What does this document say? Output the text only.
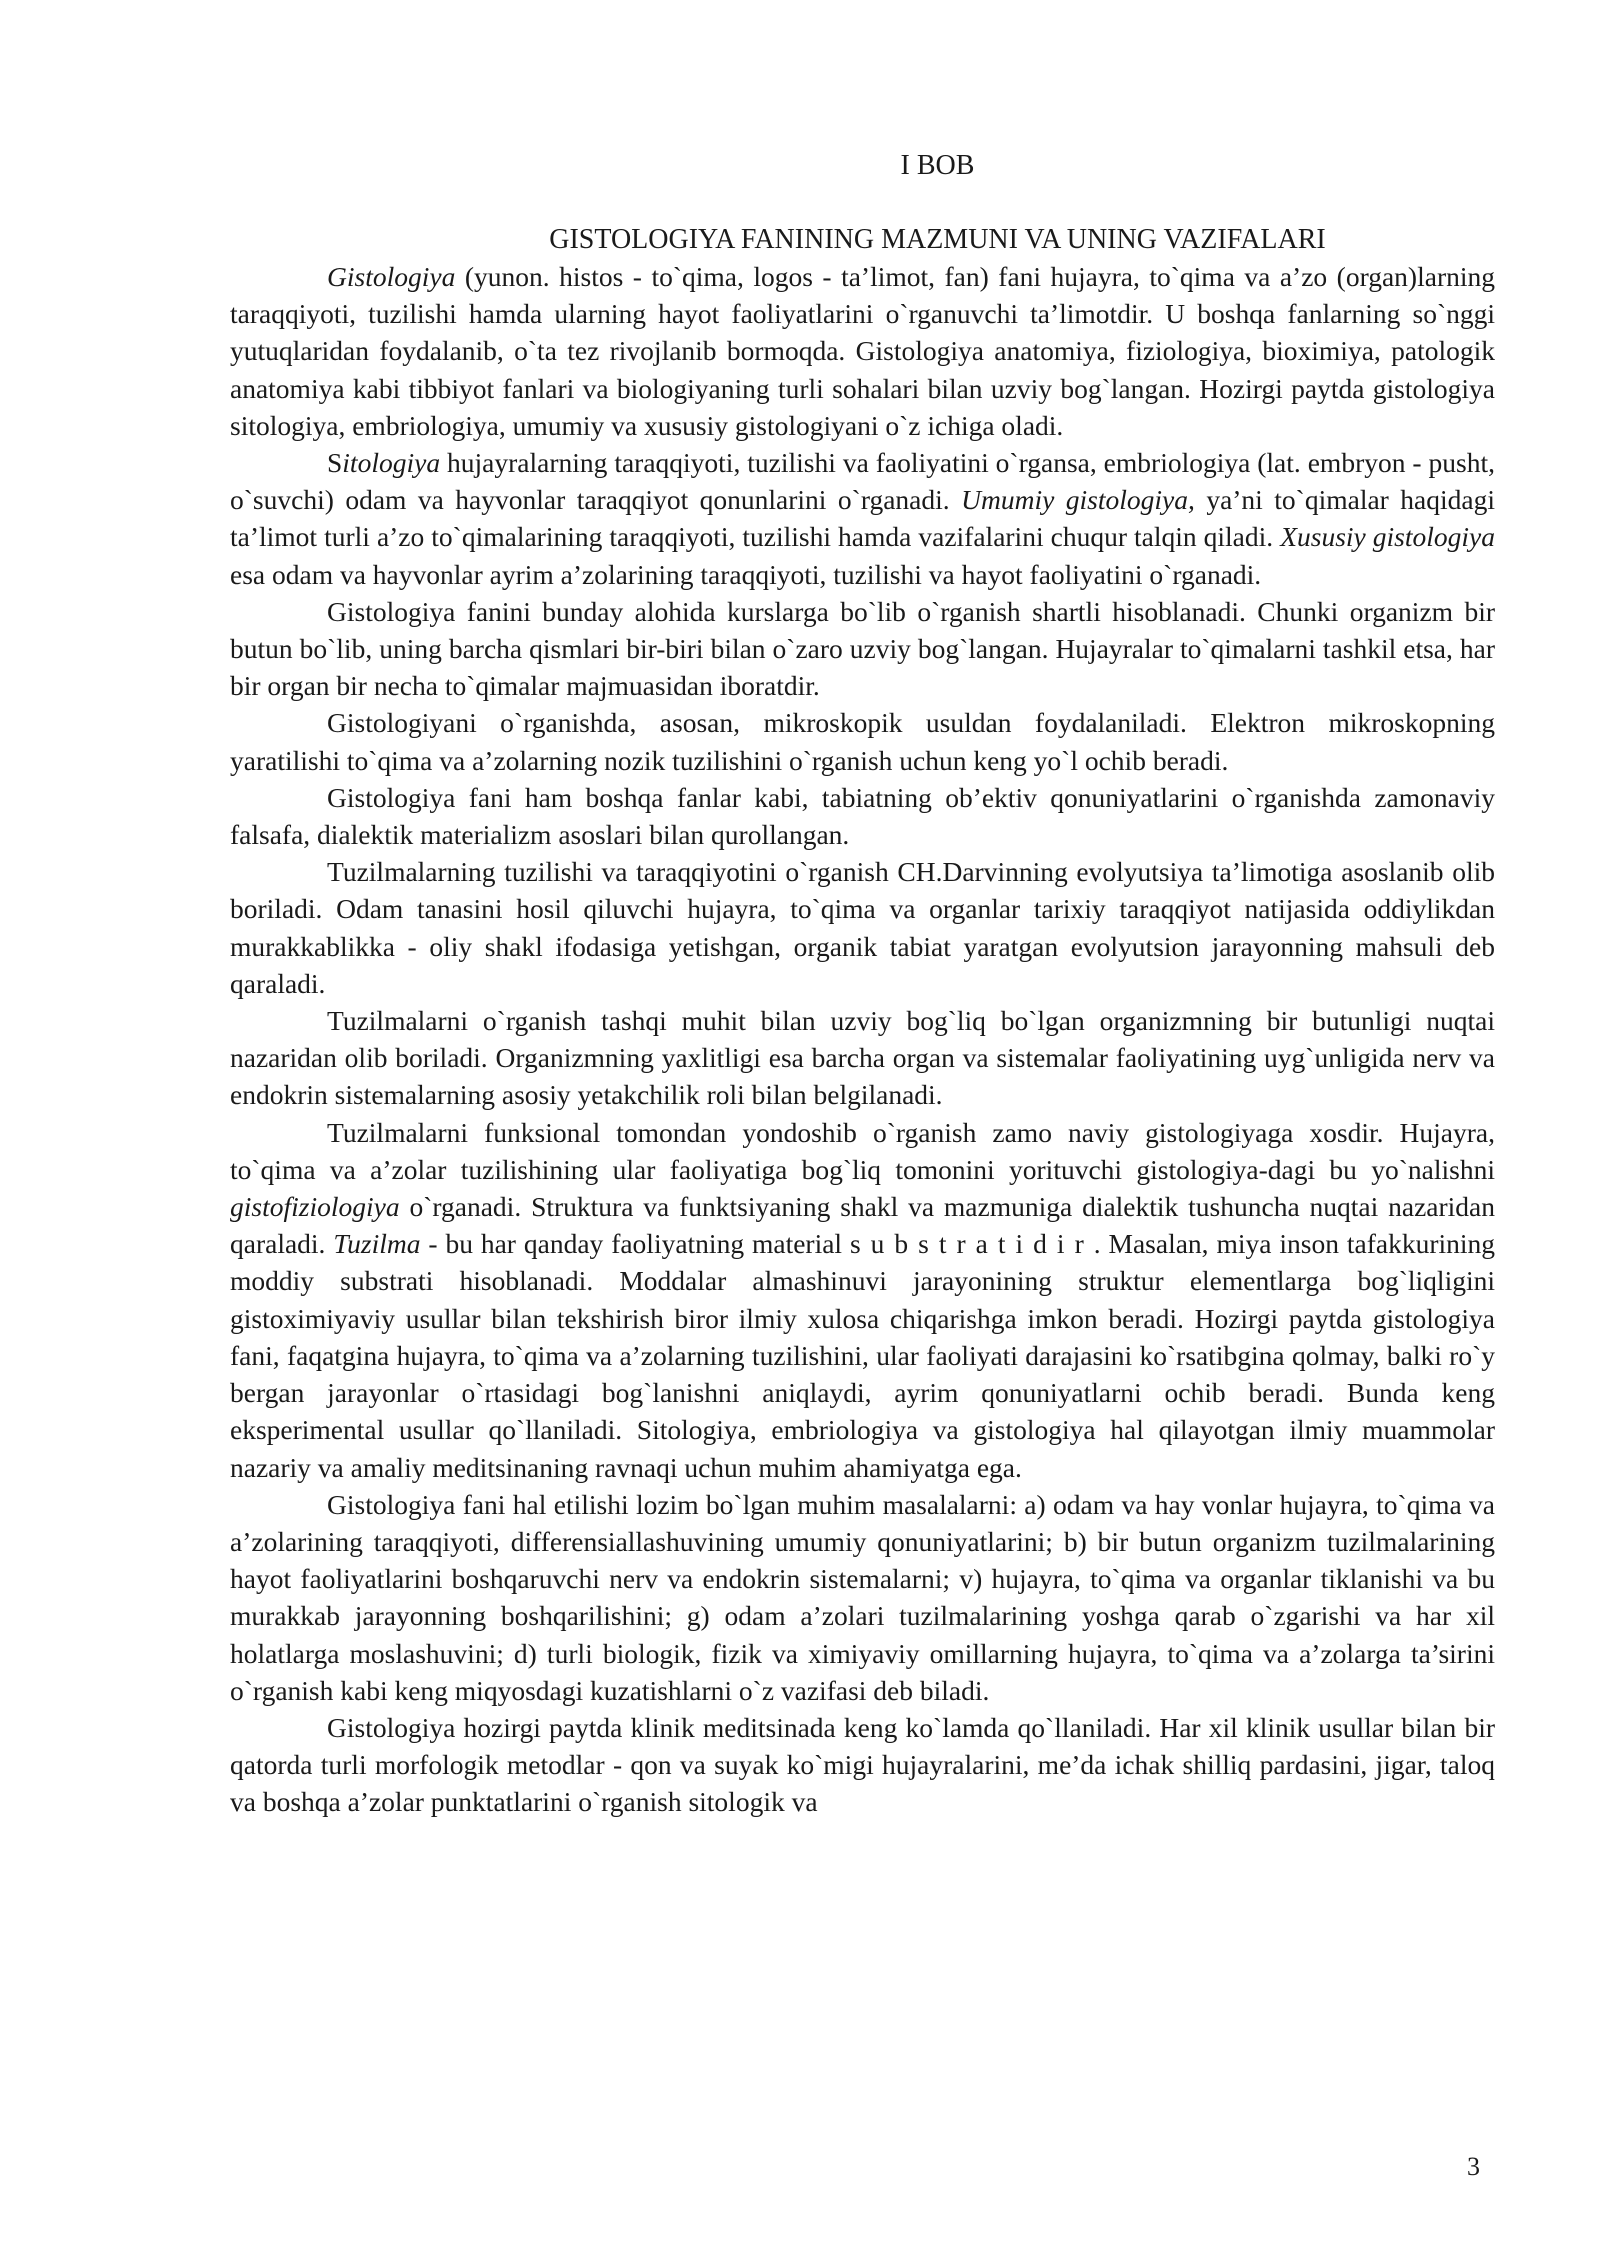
I BOB

GISTOLOGIYA FANINING MAZMUNI VA UNING VAZIFALARI

Gistologiya (yunon. histos - to`qima, logos - ta’limot, fan) fani hujayra, to`qima va a’zo (organ)larning taraqqiyoti, tuzilishi hamda ularning hayot faoliyatlarini o`rganuvchi ta’limotdir. U boshqa fanlarning so`nggi yutuqlaridan foydalanib, o`ta tez rivojlanib bormoqda. Gistologiya anatomiya, fiziologiya, bioximiya, patologik anatomiya kabi tibbiyot fanlari va biologiyaning turli sohalari bilan uzviy bog`langan. Hozirgi paytda gistologiya sitologiya, embriologiya, umumiy va xususiy gistologiyani o`z ichiga oladi.

Sitologiya hujayralarning taraqqiyoti, tuzilishi va faoliyatini o`rgansa, embriologiya (lat. embryon - pusht, o`suvchi) odam va hayvonlar taraqqiyot qonunlarini o`rganadi. Umumiy gistologiya, ya’ni to`qimalar haqidagi ta’limot turli a’zo to`qimalarining taraqqiyoti, tuzilishi hamda vazifalarini chuqur talqin qiladi. Xususiy gistologiya esa odam va hayvonlar ayrim a’zolarining taraqqiyoti, tuzilishi va hayot faoliyatini o`rganadi.

Gistologiya fanini bunday alohida kurslarga bo`lib o`rganish shartli hisoblanadi. Chunki organizm bir butun bo`lib, uning barcha qismlari bir-biri bilan o`zaro uzviy bog`langan. Hujayralar to`qimalarni tashkil etsa, har bir organ bir necha to`qimalar majmuasidan iboratdir.

Gistologiyani o`rganishda, asosan, mikroskopik usuldan foydalaniladi. Elektron mikroskopning yaratilishi to`qima va a’zolarning nozik tuzilishini o`rganish uchun keng yo`l ochib beradi.

Gistologiya fani ham boshqa fanlar kabi, tabiatning ob’ektiv qonuniyatlarini o`rganishda zamonaviy falsafa, dialektik materializm asoslari bilan qurollangan.

Tuzilmalarning tuzilishi va taraqqiyotini o`rganish CH.Darvinning evolyutsiya ta’limotiga asoslanib olib boriladi. Odam tanasini hosil qiluvchi hujayra, to`qima va organlar tarixiy taraqqiyot natijasida oddiylikdan murakkablikka - oliy shakl ifodasiga yetishgan, organik tabiat yaratgan evolyutsion jarayonning mahsuli deb qaraladi.

Tuzilmalarni o`rganish tashqi muhit bilan uzviy bog`liq bo`lgan organizmning bir butunligi nuqtai nazaridan olib boriladi. Organizmning yaxlitligi esa barcha organ va sistemalar faoliyatining uyg`unligida nerv va endokrin sistemalarning asosiy yetakchilik roli bilan belgilanadi.

Tuzilmalarni funksional tomondan yondoshib o`rganish zamo naviy gistologiyaga xosdir. Hujayra, to`qima va a’zolar tuzilishining ular faoliyatiga bog`liq tomonini yorituvchi gistologiya-dagi bu yo`nalishni gistofiziologiya o`rganadi. Struktura va funktsiyaning shakl va mazmuniga dialektik tushuncha nuqtai nazaridan qaraladi. Tuzilma - bu har qanday faoliyatning material substratidir. Masalan, miya inson tafakkurining moddiy substrati hisoblanadi. Moddalar almashinuvi jarayonining struktur elementlarga bog`liqligini gistoximiyaviy usullar bilan tekshirish biror ilmiy xulosa chiqarishga imkon beradi. Hozirgi paytda gistologiya fani, faqatgina hujayra, to`qima va a’zolarning tuzilishini, ular faoliyati darajasini ko`rsatibgina qolmay, balki ro`y bergan jarayonlar o`rtasidagi bog`lanishni aniqlaydi, ayrim qonuniyatlarni ochib beradi. Bunda keng eksperimental usullar qo`llaniladi. Sitologiya, embriologiya va gistologiya hal qilayotgan ilmiy muammolar nazariy va amaliy meditsinaning ravnaqi uchun muhim ahamiyatga ega.

Gistologiya fani hal etilishi lozim bo`lgan muhim masalalarni: a) odam va hay vonlar hujayra, to`qima va a’zolarining taraqqiyoti, differensiallashuvining umumiy qonuniyatlarini; b) bir butun organizm tuzilmalarining hayot faoliyatlarini boshqaruvchi nerv va endokrin sistemalarni; v) hujayra, to`qima va organlar tiklanishi va bu murakkab jarayonning boshqarilishini; g) odam a’zolari tuzilmalarining yoshga qarab o`zgarishi va har xil holatlarga moslashuvini; d) turli biologik, fizik va ximiyaviy omillarning hujayra, to`qima va a’zolarga ta’sirini o`rganish kabi keng miqyosdagi kuzatishlarni o`z vazifasi deb biladi.

Gistologiya hozirgi paytda klinik meditsinada keng ko`lamda qo`llaniladi. Har xil klinik usullar bilan bir qatorda turli morfologik metodlar - qon va suyak ko`migi hujayralarini, me’da ichak shilliq pardasini, jigar, taloq va boshqa a’zolar punktatlarini o`rganish sitologik va

3
